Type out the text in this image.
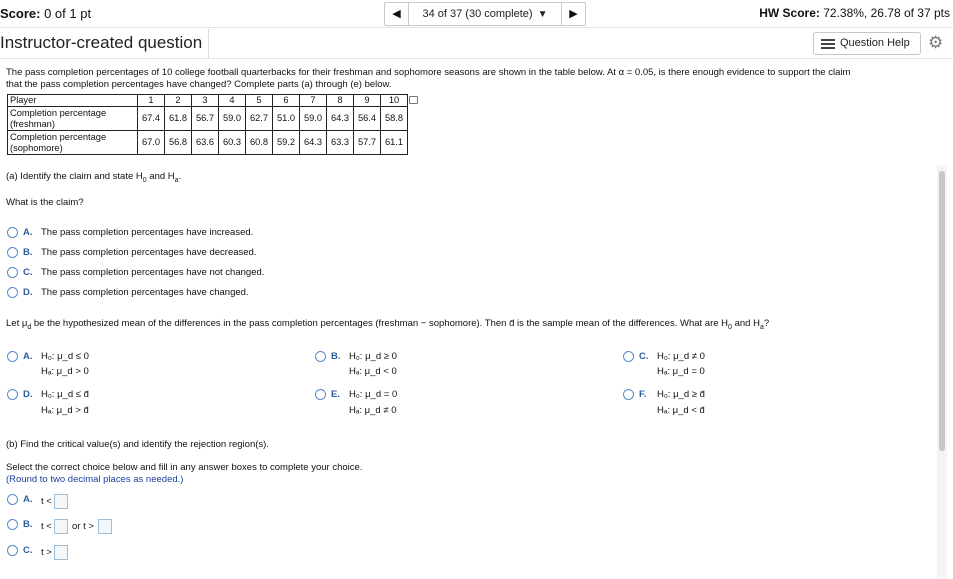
Score: 0 of 1 pt	◀	34 of 37 (30 complete) ▼	▶	HW Score: 72.38%, 26.78 of 37 pts
Instructor-created question	Question Help	⚙
The pass completion percentages of 10 college football quarterbacks for their freshman and sophomore seasons are shown in the table below. At α = 0.05, is there enough evidence to support the claim
that the pass completion percentages have changed? Complete parts (a) through (e) below.
Player	1	2	3	4	5	6	7	8	9	10
Completion percentage
(freshman)	67.4	61.8	56.7	59.0	62.7	51.0	59.0	64.3	56.4	58.8
Completion percentage
(sophomore)	67.0	56.8	63.6	60.3	60.8	59.2	64.3	63.3	57.7	61.1
(a) Identify the claim and state $H_0$ and $H_a$.
What is the claim?
A. The pass completion percentages have increased.
B. The pass completion percentages have decreased.
C. The pass completion percentages have not changed.
D. The pass completion percentages have changed.
Let $\mu_d$ be the hypothesized mean of the differences in the pass completion percentages (freshman − sophomore). Then d̄ is the sample mean of the differences. What are $H_0$ and $H_a$?
A. H₀: μ_d ≤ 0
Hₐ: μ_d > 0
B. H₀: μ_d ≥ 0
Hₐ: μ_d < 0
C. H₀: μ_d ≠ 0
Hₐ: μ_d = 0
D. H₀: μ_d ≤ d̄
Hₐ: μ_d > d̄
E. H₀: μ_d = 0
Hₐ: μ_d ≠ 0
F. H₀: μ_d ≥ d̄
Hₐ: μ_d < d̄
(b) Find the critical value(s) and identify the rejection region(s).
Select the correct choice below and fill in any answer boxes to complete your choice.
(Round to two decimal places as needed.)
A. t <
B. t < or t >
C. t >
